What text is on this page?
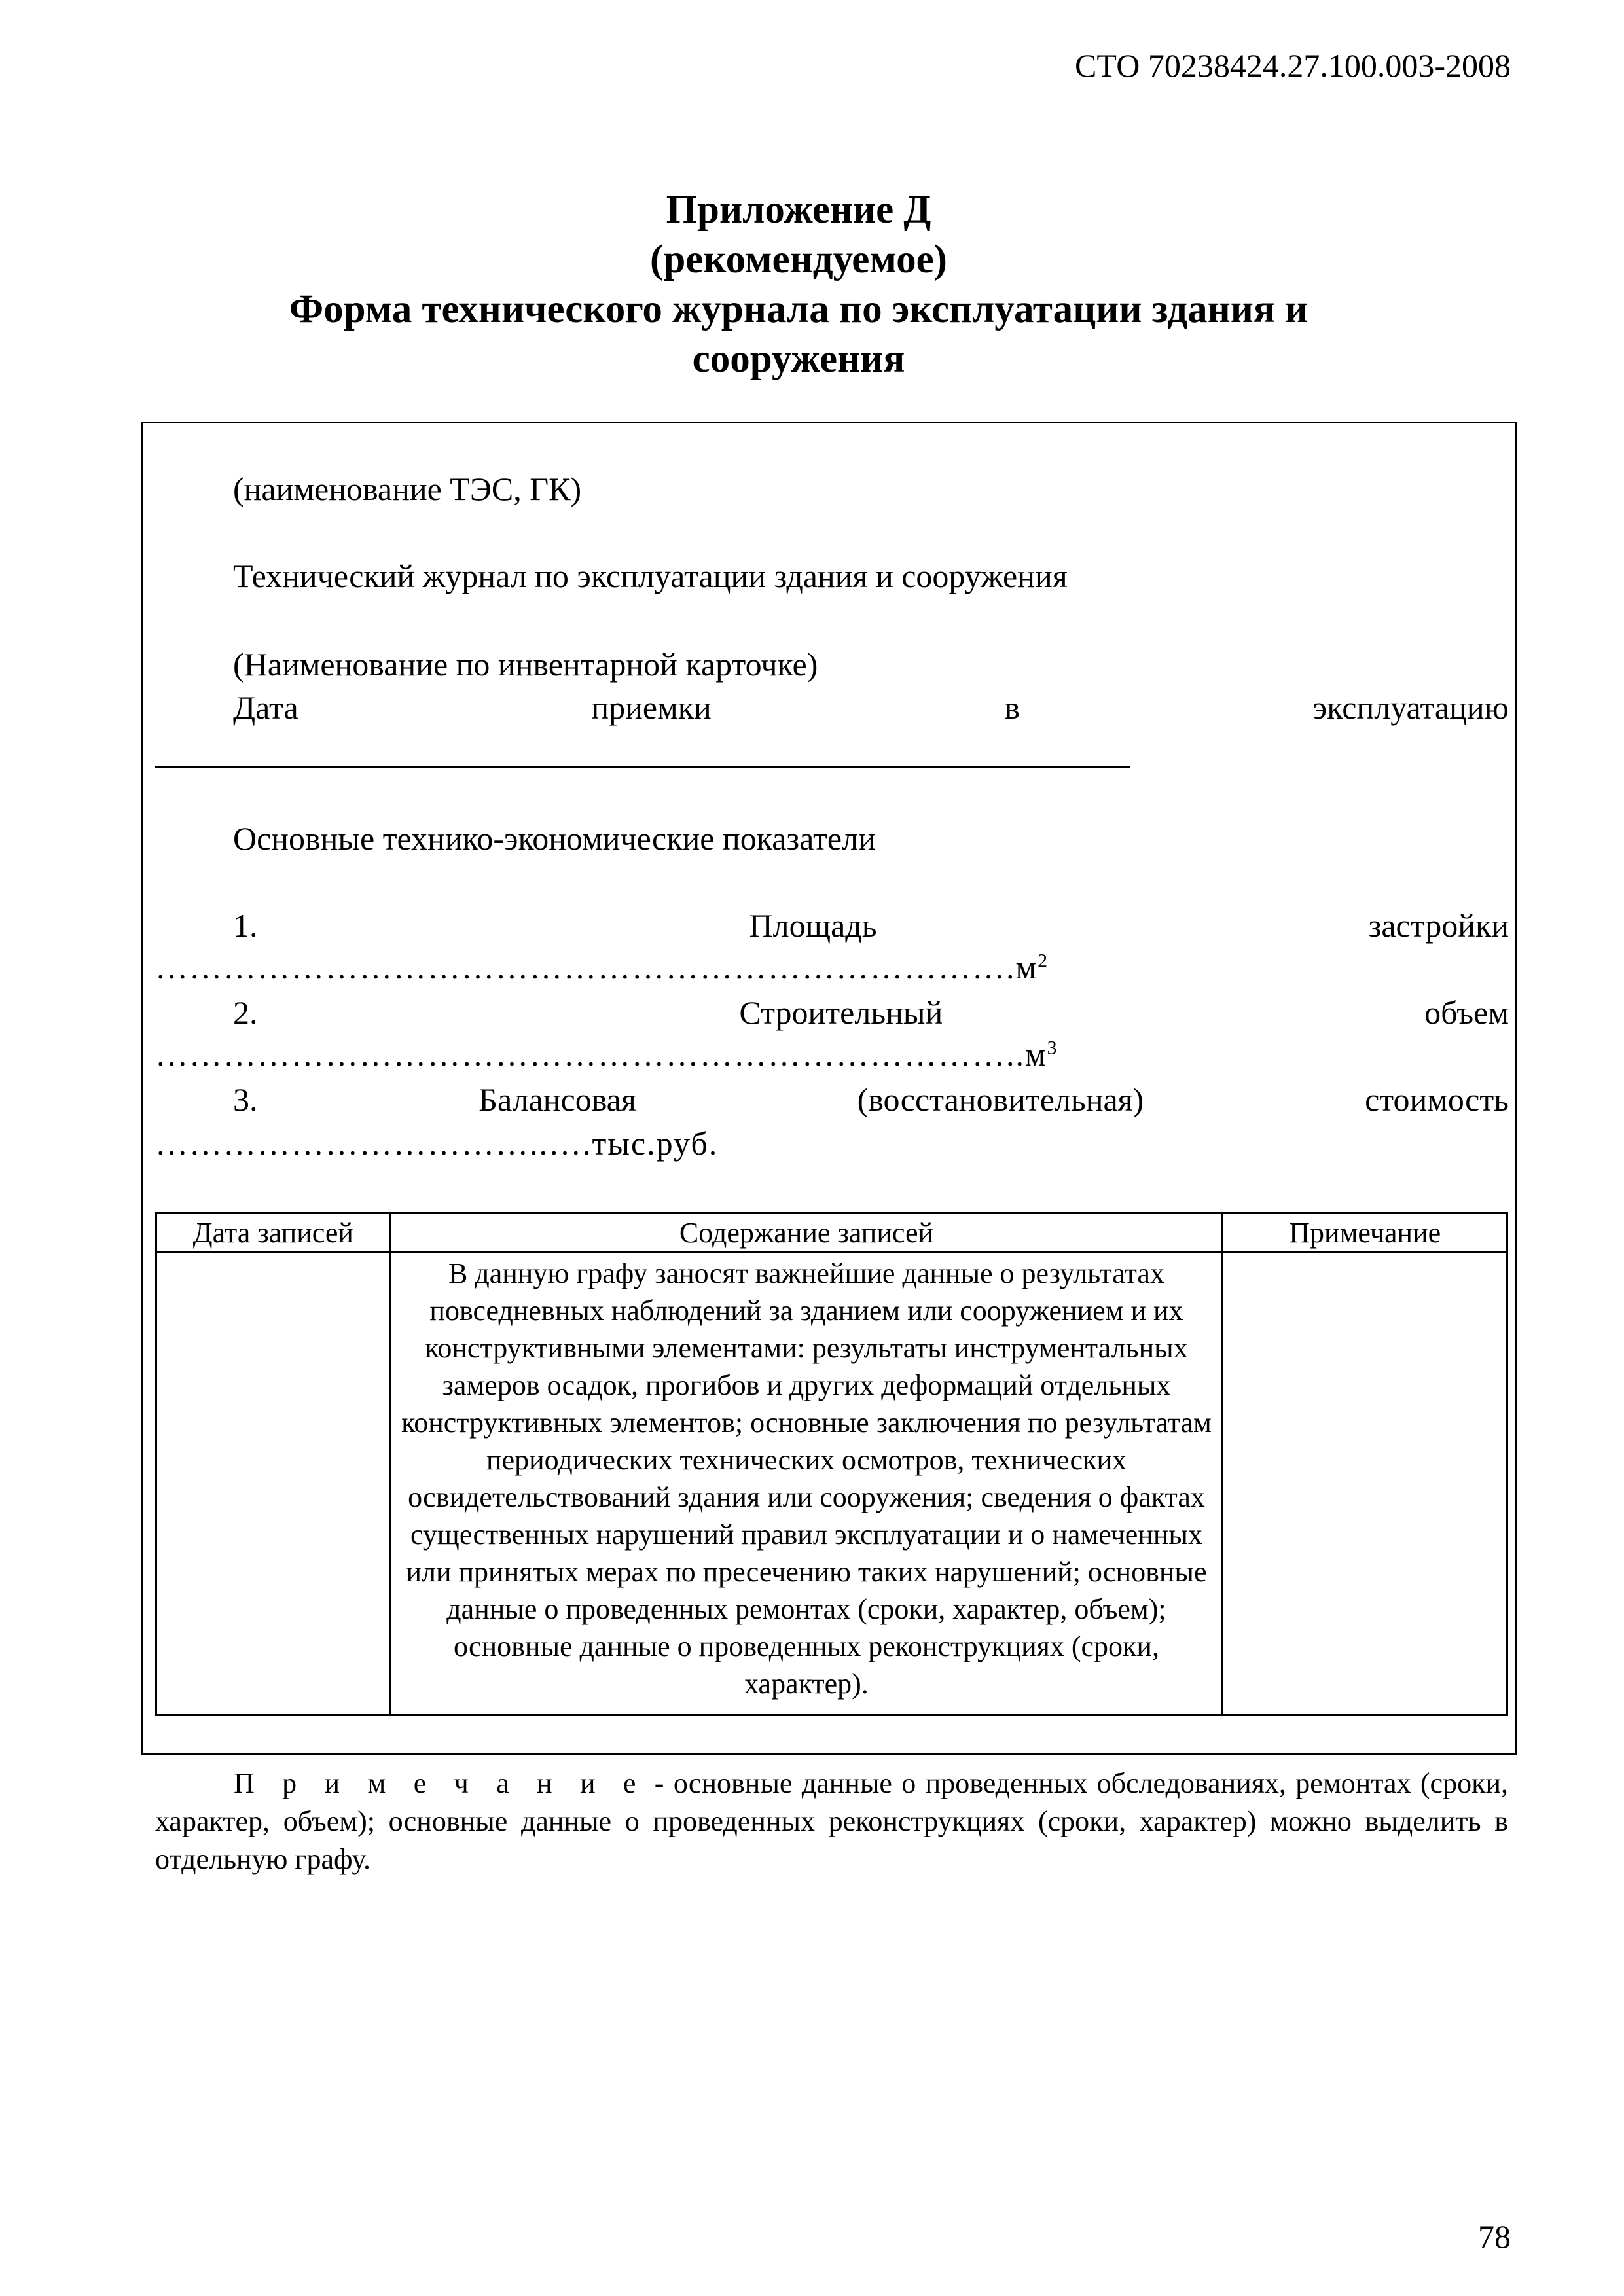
СТО 70238424.27.100.003-2008
Приложение Д
(рекомендуемое)
Форма технического журнала по эксплуатации здания и
сооружения
(наименование ТЭС, ГК)
Технический журнал по эксплуатации здания и сооружения
(Наименование по инвентарной карточке)
Дата	приемки	в	эксплуатацию
Основные технико-экономические показатели
1.	Площадь	застройки
$\dots\dots\dots\dots\dots\dots\dots\dots\dots\dots\dots\dots\dots\dots\dots\dots\dots\dots\dots\dots\dots\dots\dots\dots\dots.м^2$
2.	Строительный	объем
$\dots\dots\dots\dots\dots\dots\dots\dots\dots\dots\dots\dots\dots\dots\dots\dots\dots\dots\dots\dots\dots\dots\dots\dots\dots..м^3$
3.	Балансовая	(восстановительная)	стоимость
……………………………..….тыс.руб.
Дата записей	Содержание записей	Примечание
	В данную графу заносят важнейшие данные о результатах повседневных наблюдений за зданием или сооружением и их конструктивными элементами: результаты инструментальных замеров осадок, прогибов и других деформаций отдельных конструктивных элементов; основные заключения по результатам периодических технических осмотров, технических освидетельствований здания или сооружения; сведения о фактах существенных нарушений правил эксплуатации и о намеченных или принятых мерах по пресечению таких нарушений; основные данные о проведенных ремонтах (сроки, характер, объем); основные данные о проведенных реконструкциях (сроки, характер).	
П р и м е ч а н и е - основные данные о проведенных обследованиях, ремонтах (сроки, характер, объем); основные данные о проведенных реконструкциях (сроки, характер) можно выделить в отдельную графу.
78
